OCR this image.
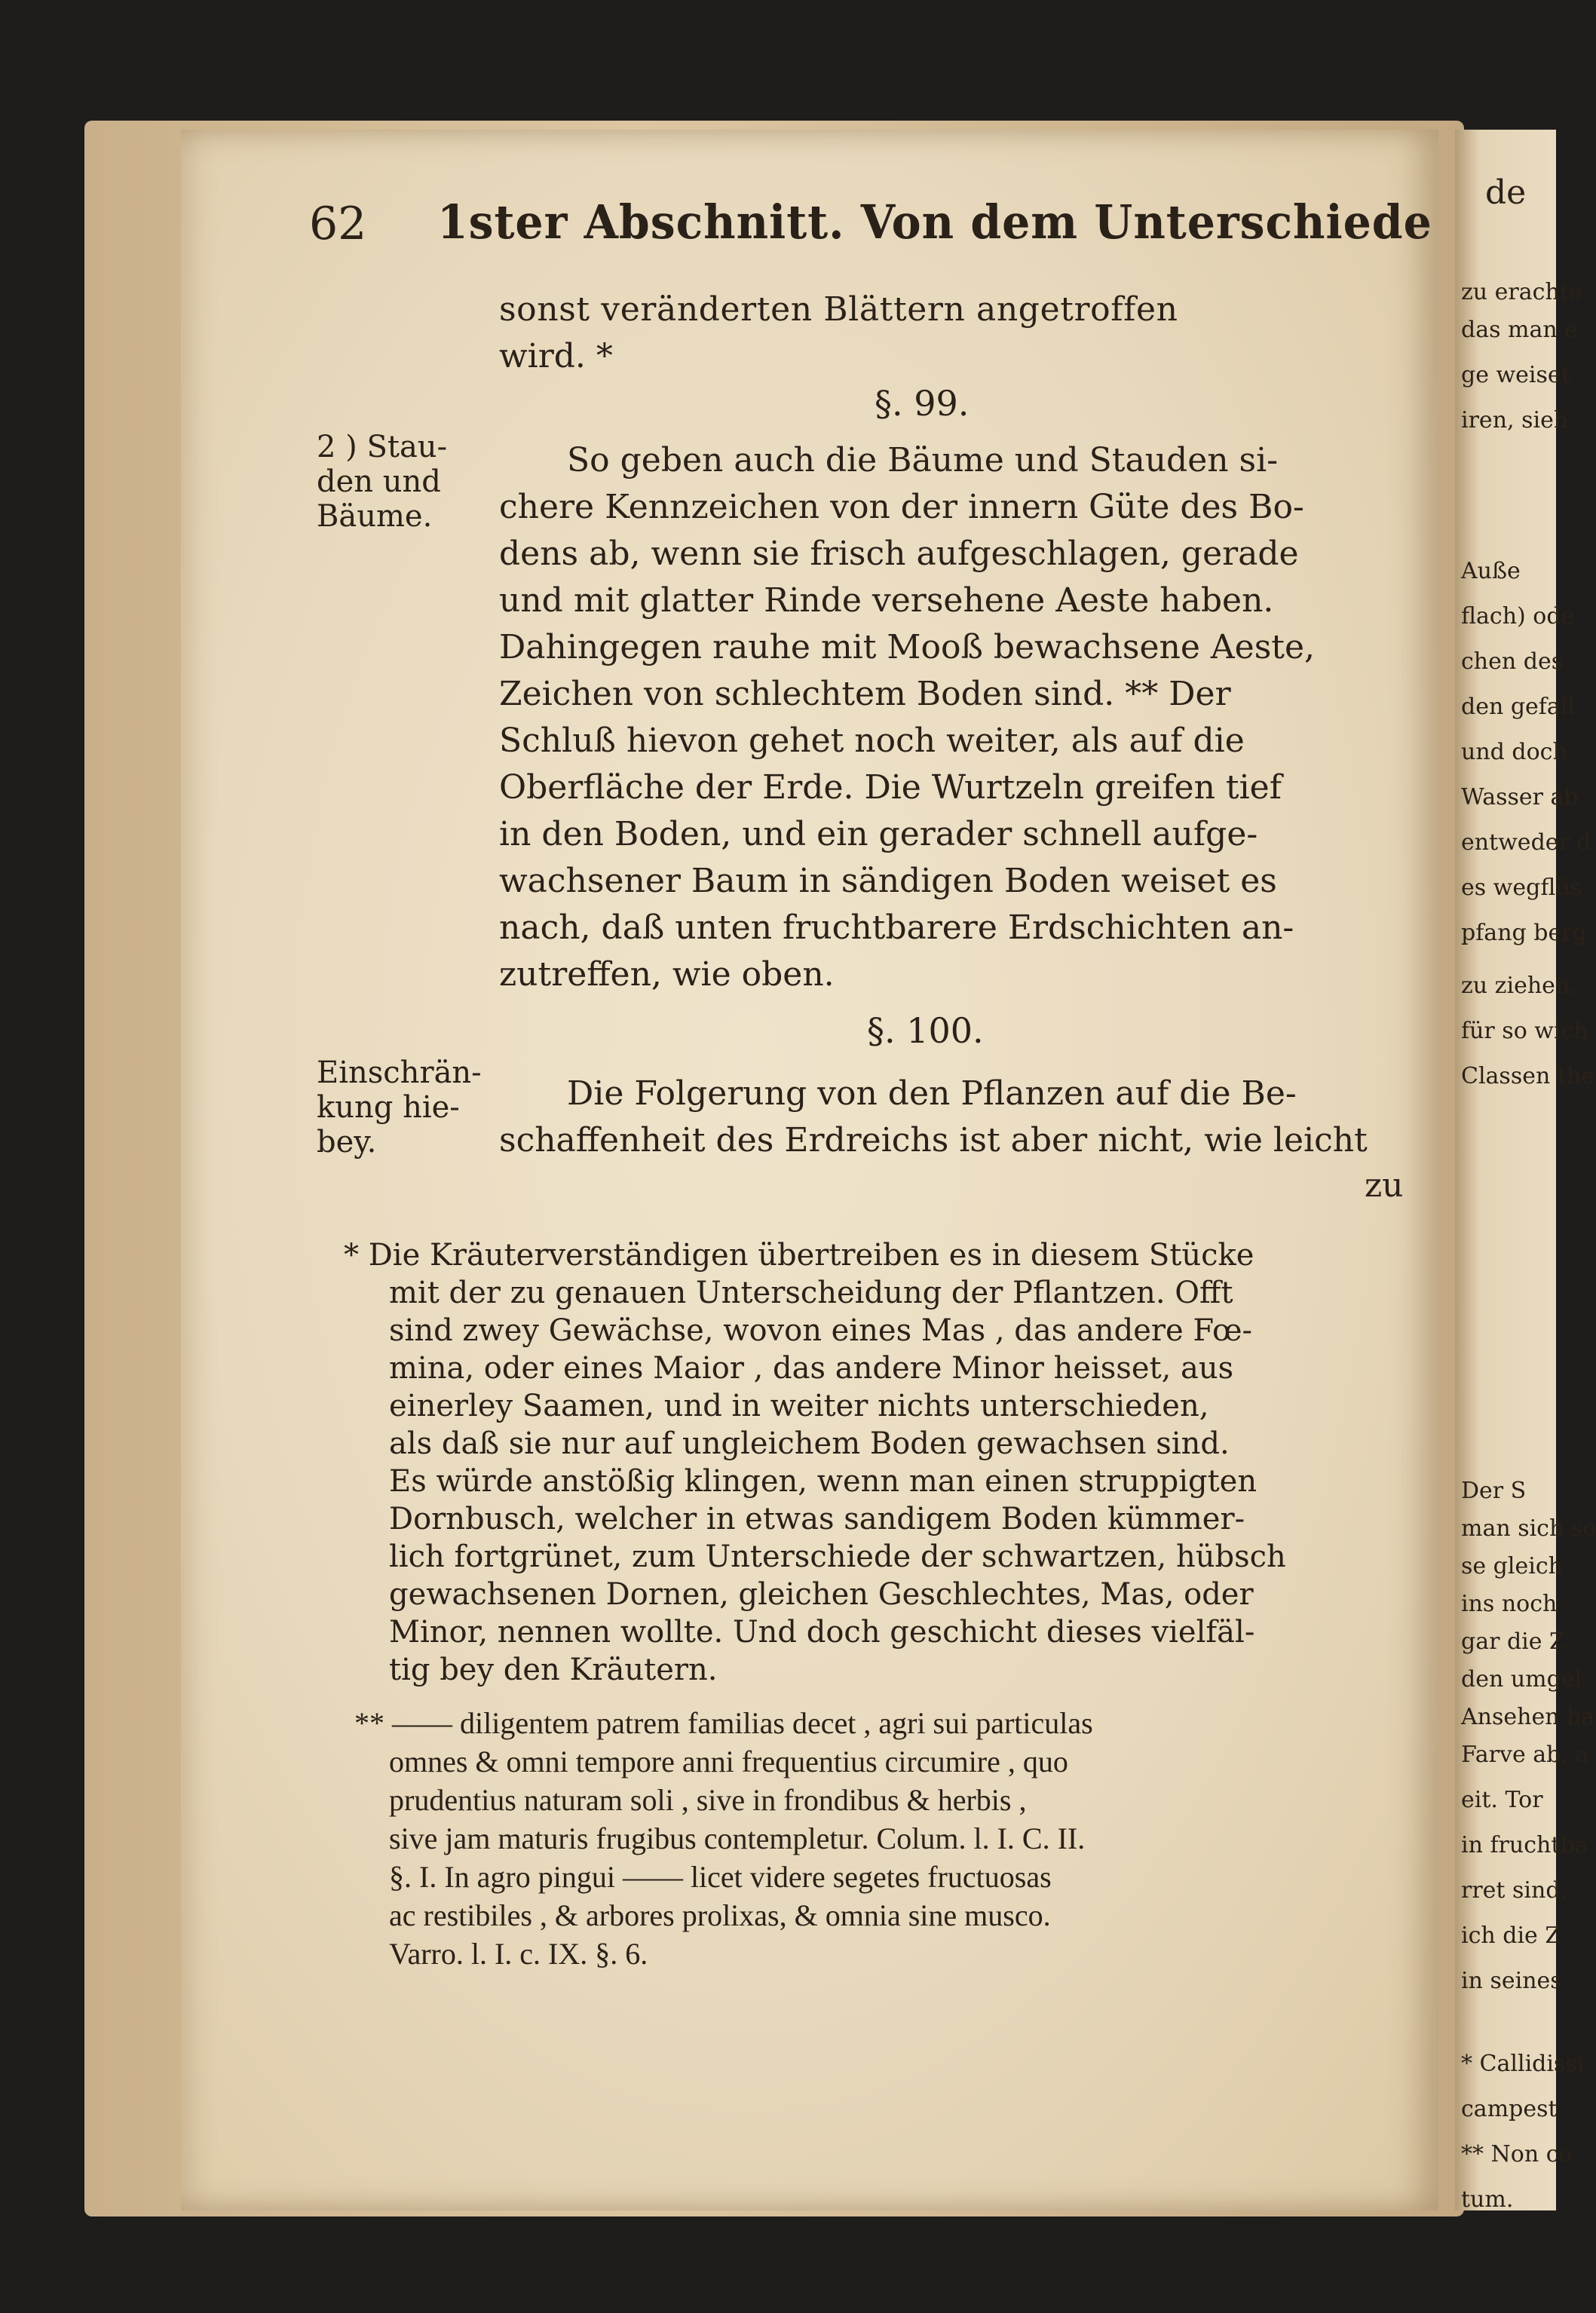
de
zu erachte
das man e
ge weiset
iren, sieh
Auße
flach) ode
chen des
den gefall
und doch
Wasser ab
entweder d
es wegflüs
pfang berg
zu ziehen.
für so wich
Classen the
Der S
man sich so
se gleich
ins noch
gar die Z
den umgel
Ansehen ha
Farve ab, a
eit. Tor
in fruchtba
rret sind.
ich die Z
in seines
* Callidissi
campest
** Non co
tum.
62 1ster Abschnitt. Von dem Unterschiede
sonst veränderten Blättern angetroffen
wird. *
§. 99.
2 ) Stau-
den und
Bäume.
So geben auch die Bäume und Stauden si-
chere Kennzeichen von der innern Güte des Bo-
dens ab, wenn sie frisch aufgeschlagen, gerade
und mit glatter Rinde versehene Aeste haben.
Dahingegen rauhe mit Mooß bewachsene Aeste,
Zeichen von schlechtem Boden sind. ** Der
Schluß hievon gehet noch weiter, als auf die
Oberfläche der Erde. Die Wurtzeln greifen tief
in den Boden, und ein gerader schnell aufge-
wachsener Baum in sändigen Boden weiset es
nach, daß unten fruchtbarere Erdschichten an-
zutreffen, wie oben.
§. 100.
Einschrän-
kung hie-
bey.
Die Folgerung von den Pflanzen auf die Be-
schaffenheit des Erdreichs ist aber nicht, wie leicht
zu
* Die Kräuterverständigen übertreiben es in diesem Stücke
mit der zu genauen Unterscheidung der Pflantzen. Offt
sind zwey Gewächse, wovon eines Mas , das andere Fœ-
mina, oder eines Maior , das andere Minor heisset, aus
einerley Saamen, und in weiter nichts unterschieden,
als daß sie nur auf ungleichem Boden gewachsen sind.
Es würde anstößig klingen, wenn man einen struppigten
Dornbusch, welcher in etwas sandigem Boden kümmer-
lich fortgrünet, zum Unterschiede der schwartzen, hübsch
gewachsenen Dornen, gleichen Geschlechtes, Mas, oder
Minor, nennen wollte. Und doch geschicht dieses vielfäl-
tig bey den Kräutern.
** —— diligentem patrem familias decet , agri sui particulas
omnes & omni tempore anni frequentius circumire , quo
prudentius naturam soli , sive in frondibus & herbis ,
sive jam maturis frugibus contempletur. Colum. l. I. C. II.
§. I. In agro pingui —— licet videre segetes fructuosas
ac restibiles , & arbores prolixas, & omnia sine musco.
Varro. l. I. c. IX. §. 6.
